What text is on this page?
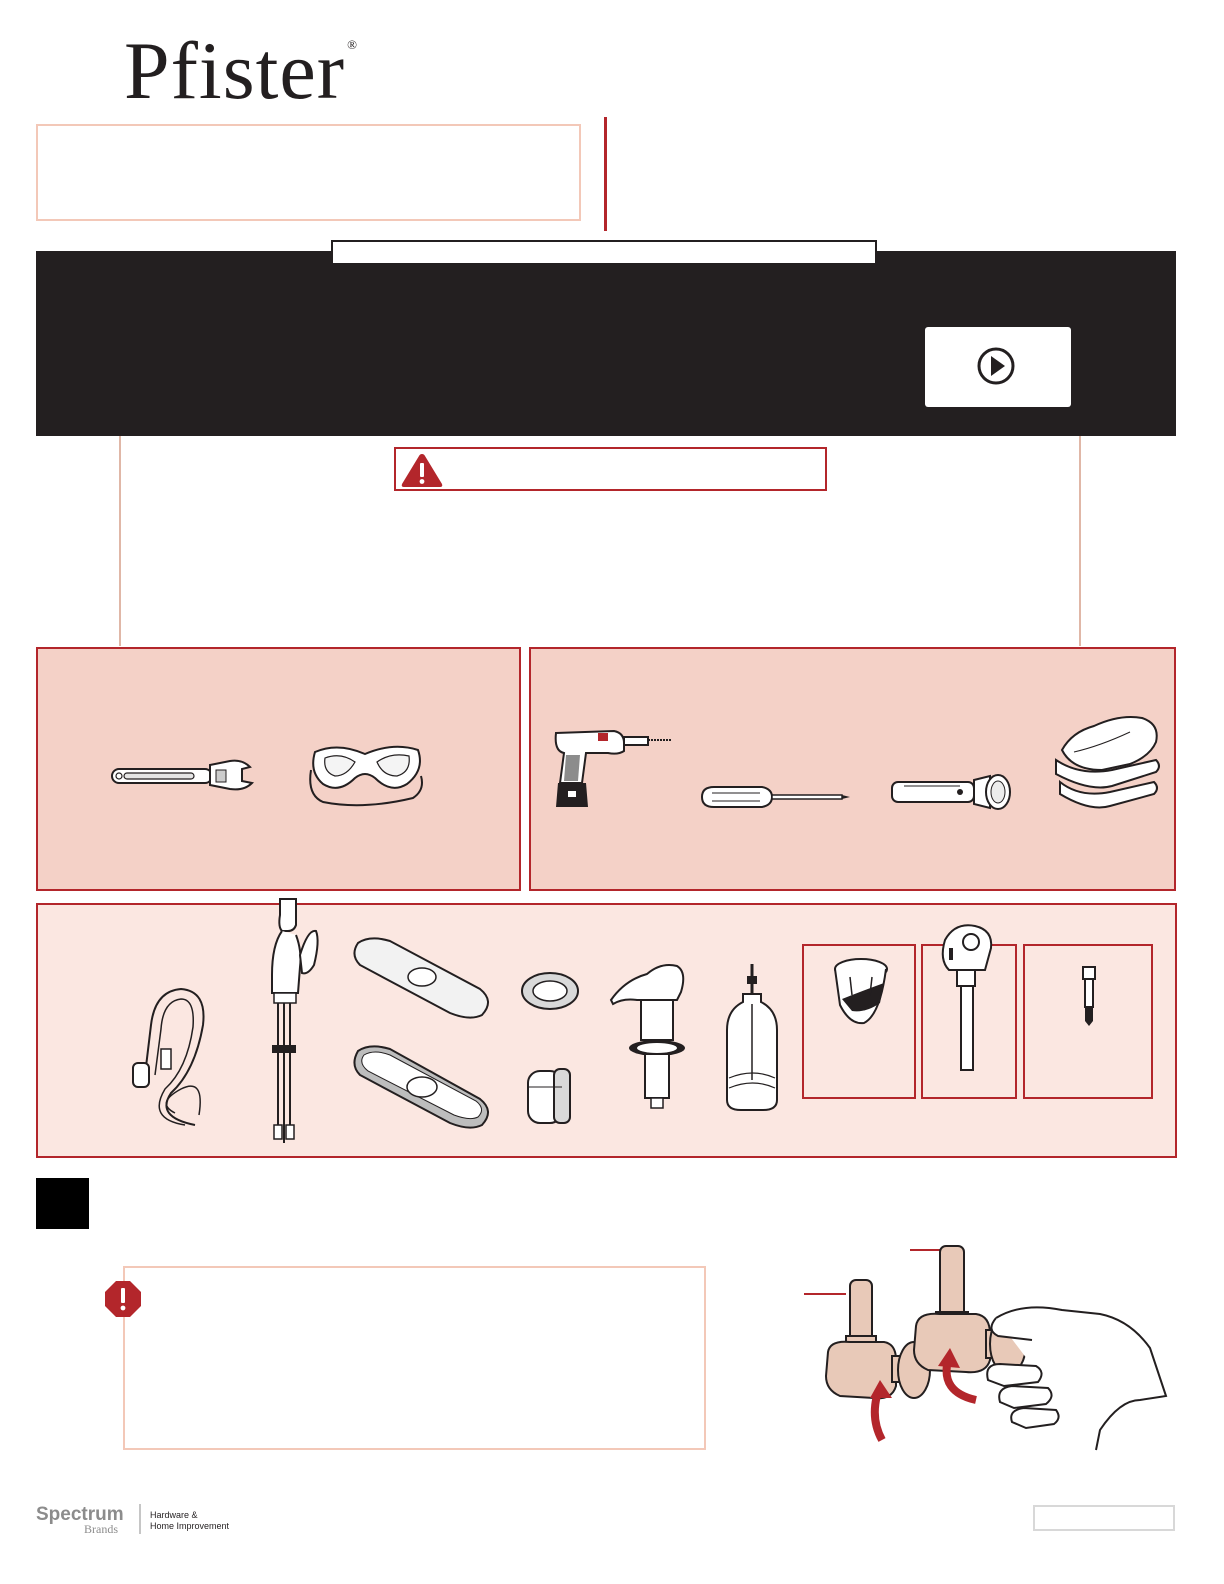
Pfister ®
Spectrum
Brands
Hardware &
Home Improvement
